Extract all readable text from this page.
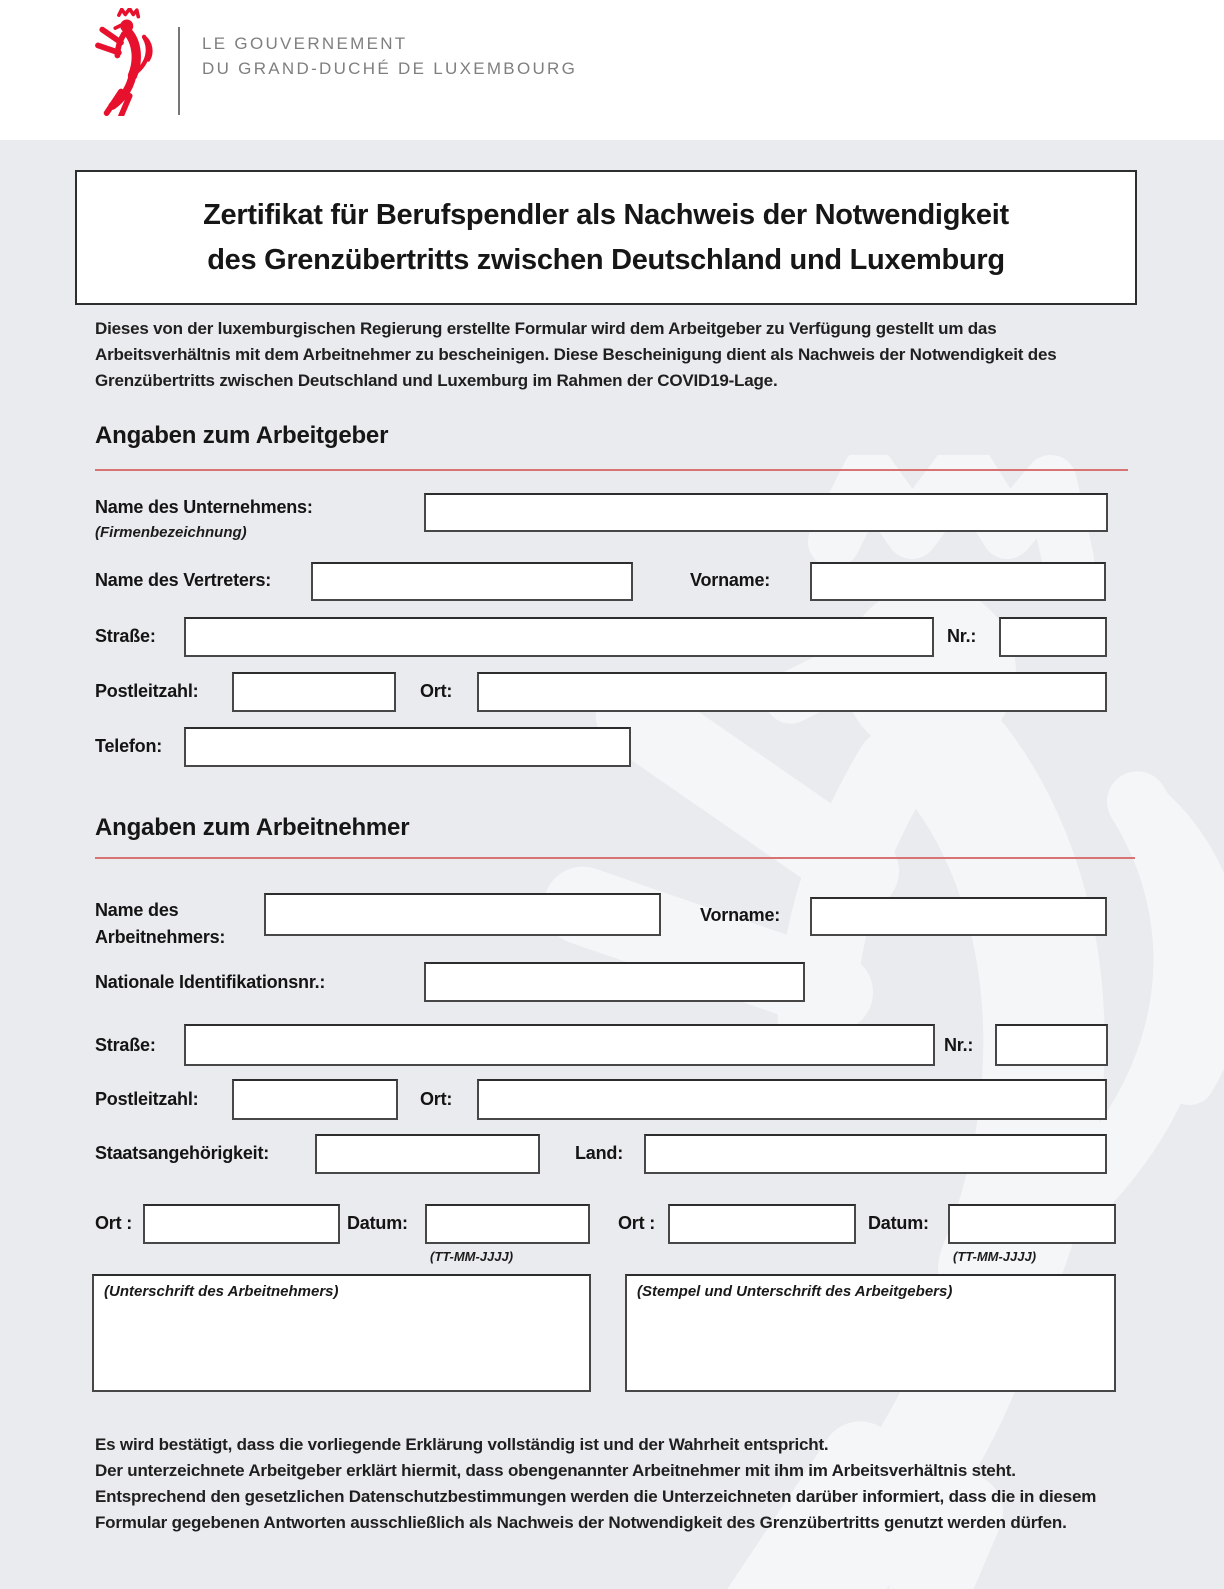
LE GOUVERNEMENT
DU GRAND-DUCHÉ DE LUXEMBOURG
Zertifikat für Berufspendler als Nachweis der Notwendigkeit
des Grenzübertritts zwischen Deutschland und Luxemburg

Dieses von der luxemburgischen Regierung erstellte Formular wird dem Arbeitgeber zu Verfügung gestellt um das Arbeitsverhältnis mit dem Arbeitnehmer zu bescheinigen. Diese Bescheinigung dient als Nachweis der Notwendigkeit des Grenzübertritts zwischen Deutschland und Luxemburg im Rahmen der COVID19-Lage.

Angaben zum Arbeitgeber
Name des Unternehmens:
(Firmenbezeichnung)
Name des Vertreters:	Vorname:
Straße:	Nr.:
Postleitzahl:	Ort:
Telefon:
Angaben zum Arbeitnehmer
Name des Arbeitnehmers:
Vorname:
Nationale Identifikationsnr.:
Straße:	Nr.:
Postleitzahl:	Ort:
Staatsangehörigkeit:	Land:
Ort :	Datum:
(TT-MM-JJJJ)
Ort :	Datum:
(TT-MM-JJJJ)
(Unterschrift des Arbeitnehmers)	(Stempel und Unterschrift des Arbeitgebers)
Es wird bestätigt, dass die vorliegende Erklärung vollständig ist und der Wahrheit entspricht.
Der unterzeichnete Arbeitgeber erklärt hiermit, dass obengenannter Arbeitnehmer mit ihm im Arbeitsverhältnis steht.
Entsprechend den gesetzlichen Datenschutzbestimmungen werden die Unterzeichneten darüber informiert, dass die in diesem Formular gegebenen Antworten ausschließlich als Nachweis der Notwendigkeit des Grenzübertritts genutzt werden dürfen.
